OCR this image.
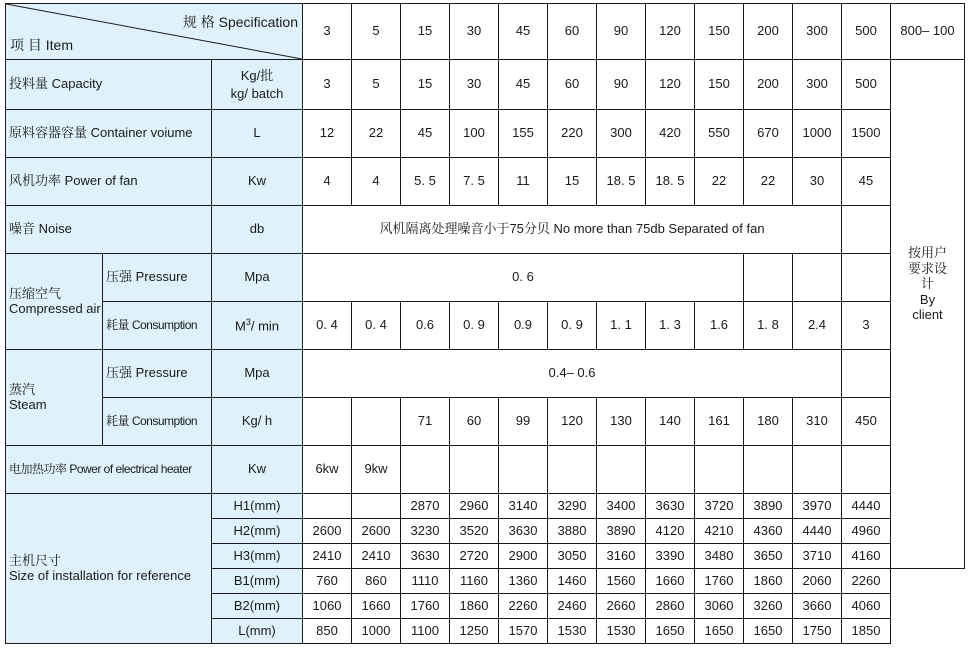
规 格 Specification
项 目 Item			3	5	15	30	45	60	90	120	150	200	300	500	800– 100
投料量 Capacity		Kg/批
kg/ batch	3	5	15	30	45	60	90	120	150	200	300	500	按用户
要求设
计
By
client

原料容器容量 Container voiume		L	12	22	45	100	155	220	300	420	550	670	1000	1500	
风机功率 Power of fan		Kw	4	4	5. 5	7. 5	11	15	18. 5	18. 5	22	22	30	45	
噪音 Noise		db	风机隔离处理噪音小于75分贝 No more than 75db Separated of fan												

压缩空气
Compressed air	压强 Pressure	Mpa	0. 6												
	耗量 Consumption	$M^3/$ min	0. 4	0. 4	0.6	0. 9	0.9	0. 9	1. 1	1. 3	1.6	1. 8	2.4	3	

蒸汽
Steam	压强 Pressure	Mpa	0.4– 0.6												
	耗量 Consumption	Kg/ h			71	60	99	120	130	140	161	180	310	450	
电加热功率 Power of electrical heater		Kw	6kw	9kw											

主机尺寸
Size of installation for reference		H1(mm)			2870	2960	3140	3290	3400	3630	3720	3890	3970	4440	
		H2(mm)	2600	2600	3230	3520	3630	3880	3890	4120	4210	4360	4440	4960	
		H3(mm)	2410	2410	3630	2720	2900	3050	3160	3390	3480	3650	3710	4160	
		B1(mm)	760	860	1110	1160	1360	1460	1560	1660	1760	1860	2060	2260	
		B2(mm)	1060	1660	1760	1860	2260	2460	2660	2860	3060	3260	3660	4060	
		L(mm)	850	1000	1100	1250	1570	1530	1530	1650	1650	1650	1750	1850	
